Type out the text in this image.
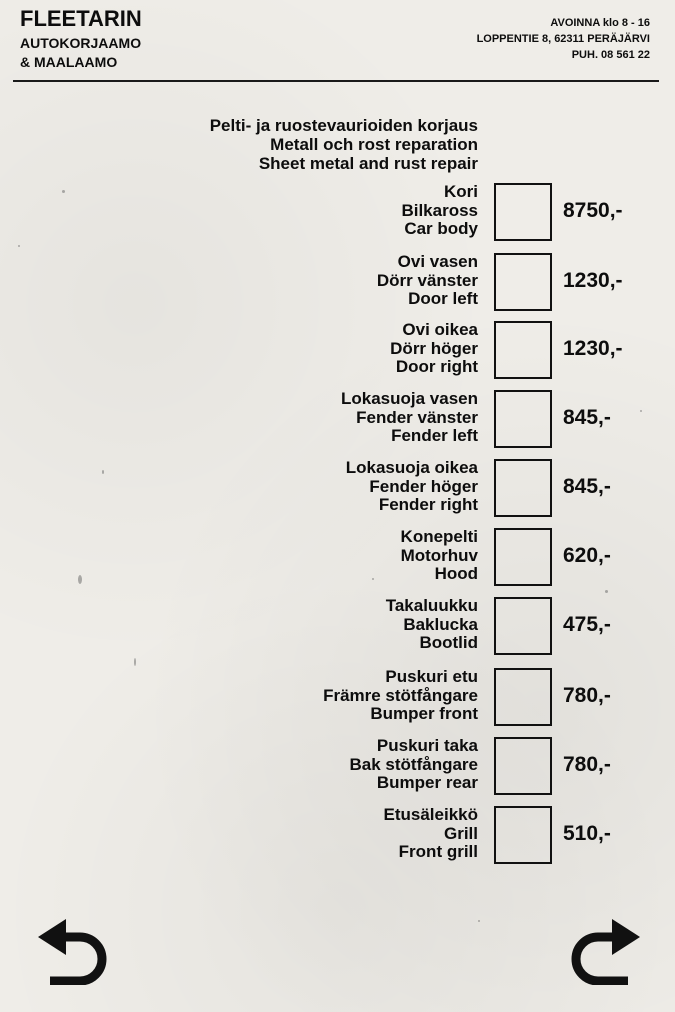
FLEETARIN
AUTOKORJAAMO
& MAALAAMO
AVOINNA klo 8 - 16
LOPPENTIE 8, 62311 PERÄJÄRVI
PUH. 08 561 22
Pelti- ja ruostevaurioiden korjaus
Metall och rost reparation
Sheet metal and rust repair
Kori
Bilkaross
Car body
8750,-
Ovi vasen
Dörr vänster
Door left
1230,-
Ovi oikea
Dörr höger
Door right
1230,-
Lokasuoja vasen
Fender vänster
Fender left
845,-
Lokasuoja oikea
Fender höger
Fender right
845,-
Konepelti
Motorhuv
Hood
620,-
Takaluukku
Baklucka
Bootlid
475,-
Puskuri etu
Främre stötfångare
Bumper front
780,-
Puskuri taka
Bak stötfångare
Bumper rear
780,-
Etusäleikkö
Grill
Front grill
510,-
